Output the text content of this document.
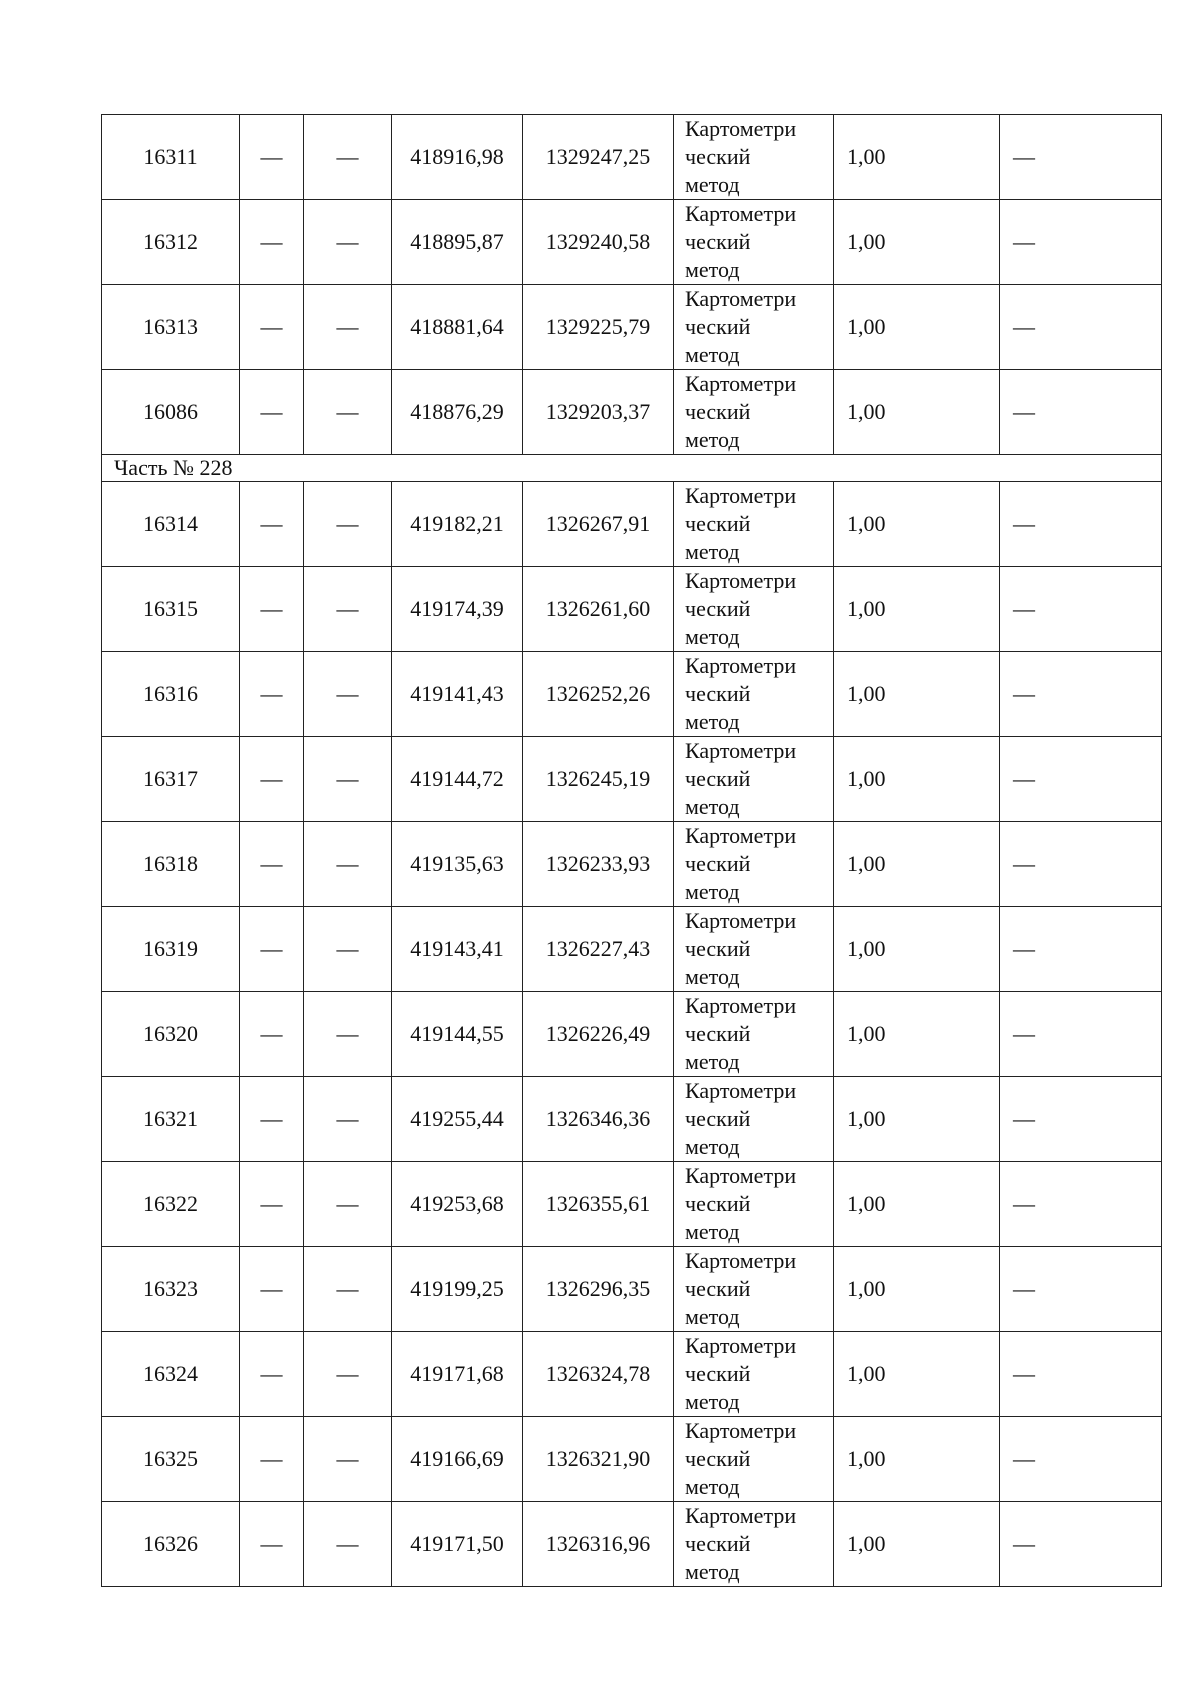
16311	—	—	418916,98	1329247,25	Картометри
ческий
метод	1,00	—
16312	—	—	418895,87	1329240,58	Картометри
ческий
метод	1,00	—
16313	—	—	418881,64	1329225,79	Картометри
ческий
метод	1,00	—
16086	—	—	418876,29	1329203,37	Картометри
ческий
метод	1,00	—
Часть № 228							
16314	—	—	419182,21	1326267,91	Картометри
ческий
метод	1,00	—
16315	—	—	419174,39	1326261,60	Картометри
ческий
метод	1,00	—
16316	—	—	419141,43	1326252,26	Картометри
ческий
метод	1,00	—
16317	—	—	419144,72	1326245,19	Картометри
ческий
метод	1,00	—
16318	—	—	419135,63	1326233,93	Картометри
ческий
метод	1,00	—
16319	—	—	419143,41	1326227,43	Картометри
ческий
метод	1,00	—
16320	—	—	419144,55	1326226,49	Картометри
ческий
метод	1,00	—
16321	—	—	419255,44	1326346,36	Картометри
ческий
метод	1,00	—
16322	—	—	419253,68	1326355,61	Картометри
ческий
метод	1,00	—
16323	—	—	419199,25	1326296,35	Картометри
ческий
метод	1,00	—
16324	—	—	419171,68	1326324,78	Картометри
ческий
метод	1,00	—
16325	—	—	419166,69	1326321,90	Картометри
ческий
метод	1,00	—
16326	—	—	419171,50	1326316,96	Картометри
ческий
метод	1,00	—
